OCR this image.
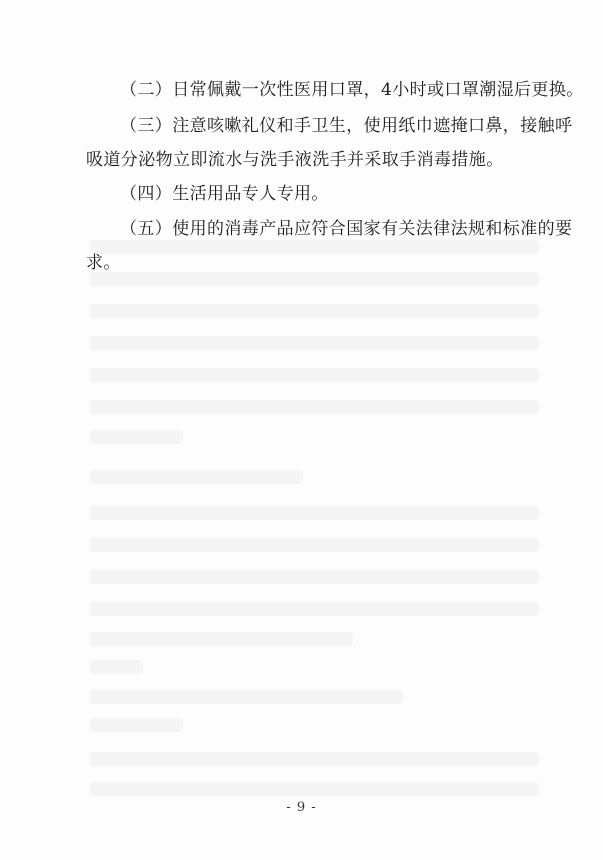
（二）日常佩戴一次性医用口罩，4小时或口罩潮湿后更换。
（三）注意咳嗽礼仪和手卫生，使用纸巾遮掩口鼻，接触呼
吸道分泌物立即流水与洗手液洗手并采取手消毒措施。
（四）生活用品专人专用。
（五）使用的消毒产品应符合国家有关法律法规和标准的要
求。
- 9 -
